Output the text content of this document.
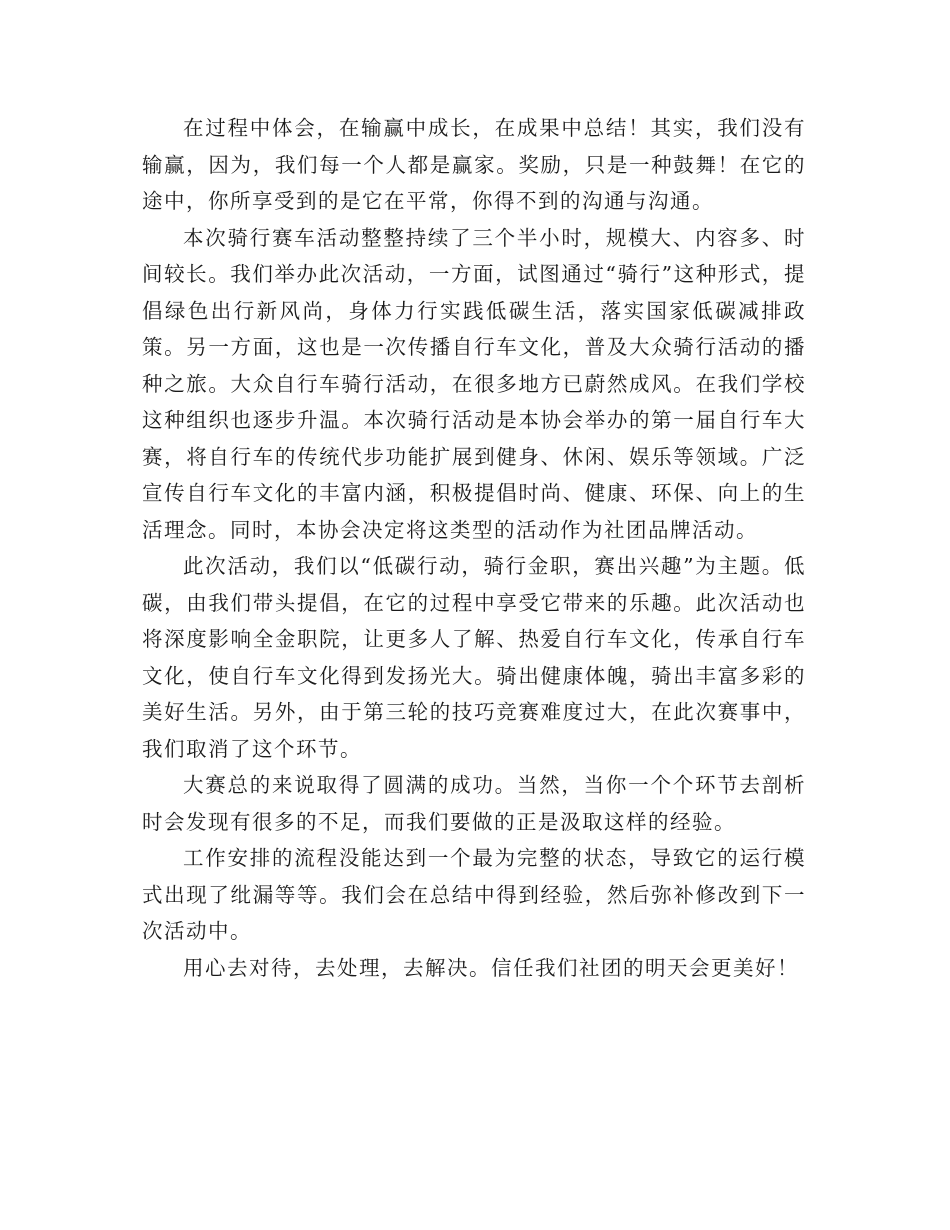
在过程中体会，在输赢中成长，在成果中总结！其实，我们没有输赢，因为，我们每一个人都是赢家。奖励，只是一种鼓舞！在它的途中，你所享受到的是它在平常，你得不到的沟通与沟通。

本次骑行赛车活动整整持续了三个半小时，规模大、内容多、时间较长。我们举办此次活动，一方面，试图通过“骑行”这种形式，提倡绿色出行新风尚，身体力行实践低碳生活，落实国家低碳减排政策。另一方面，这也是一次传播自行车文化，普及大众骑行活动的播种之旅。大众自行车骑行活动，在很多地方已蔚然成风。在我们学校这种组织也逐步升温。本次骑行活动是本协会举办的第一届自行车大赛，将自行车的传统代步功能扩展到健身、休闲、娱乐等领域。广泛宣传自行车文化的丰富内涵，积极提倡时尚、健康、环保、向上的生活理念。同时，本协会决定将这类型的活动作为社团品牌活动。

此次活动，我们以“低碳行动，骑行金职，赛出兴趣”为主题。低碳，由我们带头提倡，在它的过程中享受它带来的乐趣。此次活动也将深度影响全金职院，让更多人了解、热爱自行车文化，传承自行车文化，使自行车文化得到发扬光大。骑出健康体魄，骑出丰富多彩的美好生活。另外，由于第三轮的技巧竞赛难度过大，在此次赛事中，我们取消了这个环节。

大赛总的来说取得了圆满的成功。当然，当你一个个环节去剖析时会发现有很多的不足，而我们要做的正是汲取这样的经验。

工作安排的流程没能达到一个最为完整的状态，导致它的运行模式出现了纰漏等等。我们会在总结中得到经验，然后弥补修改到下一次活动中。

用心去对待，去处理，去解决。信任我们社团的明天会更美好！
